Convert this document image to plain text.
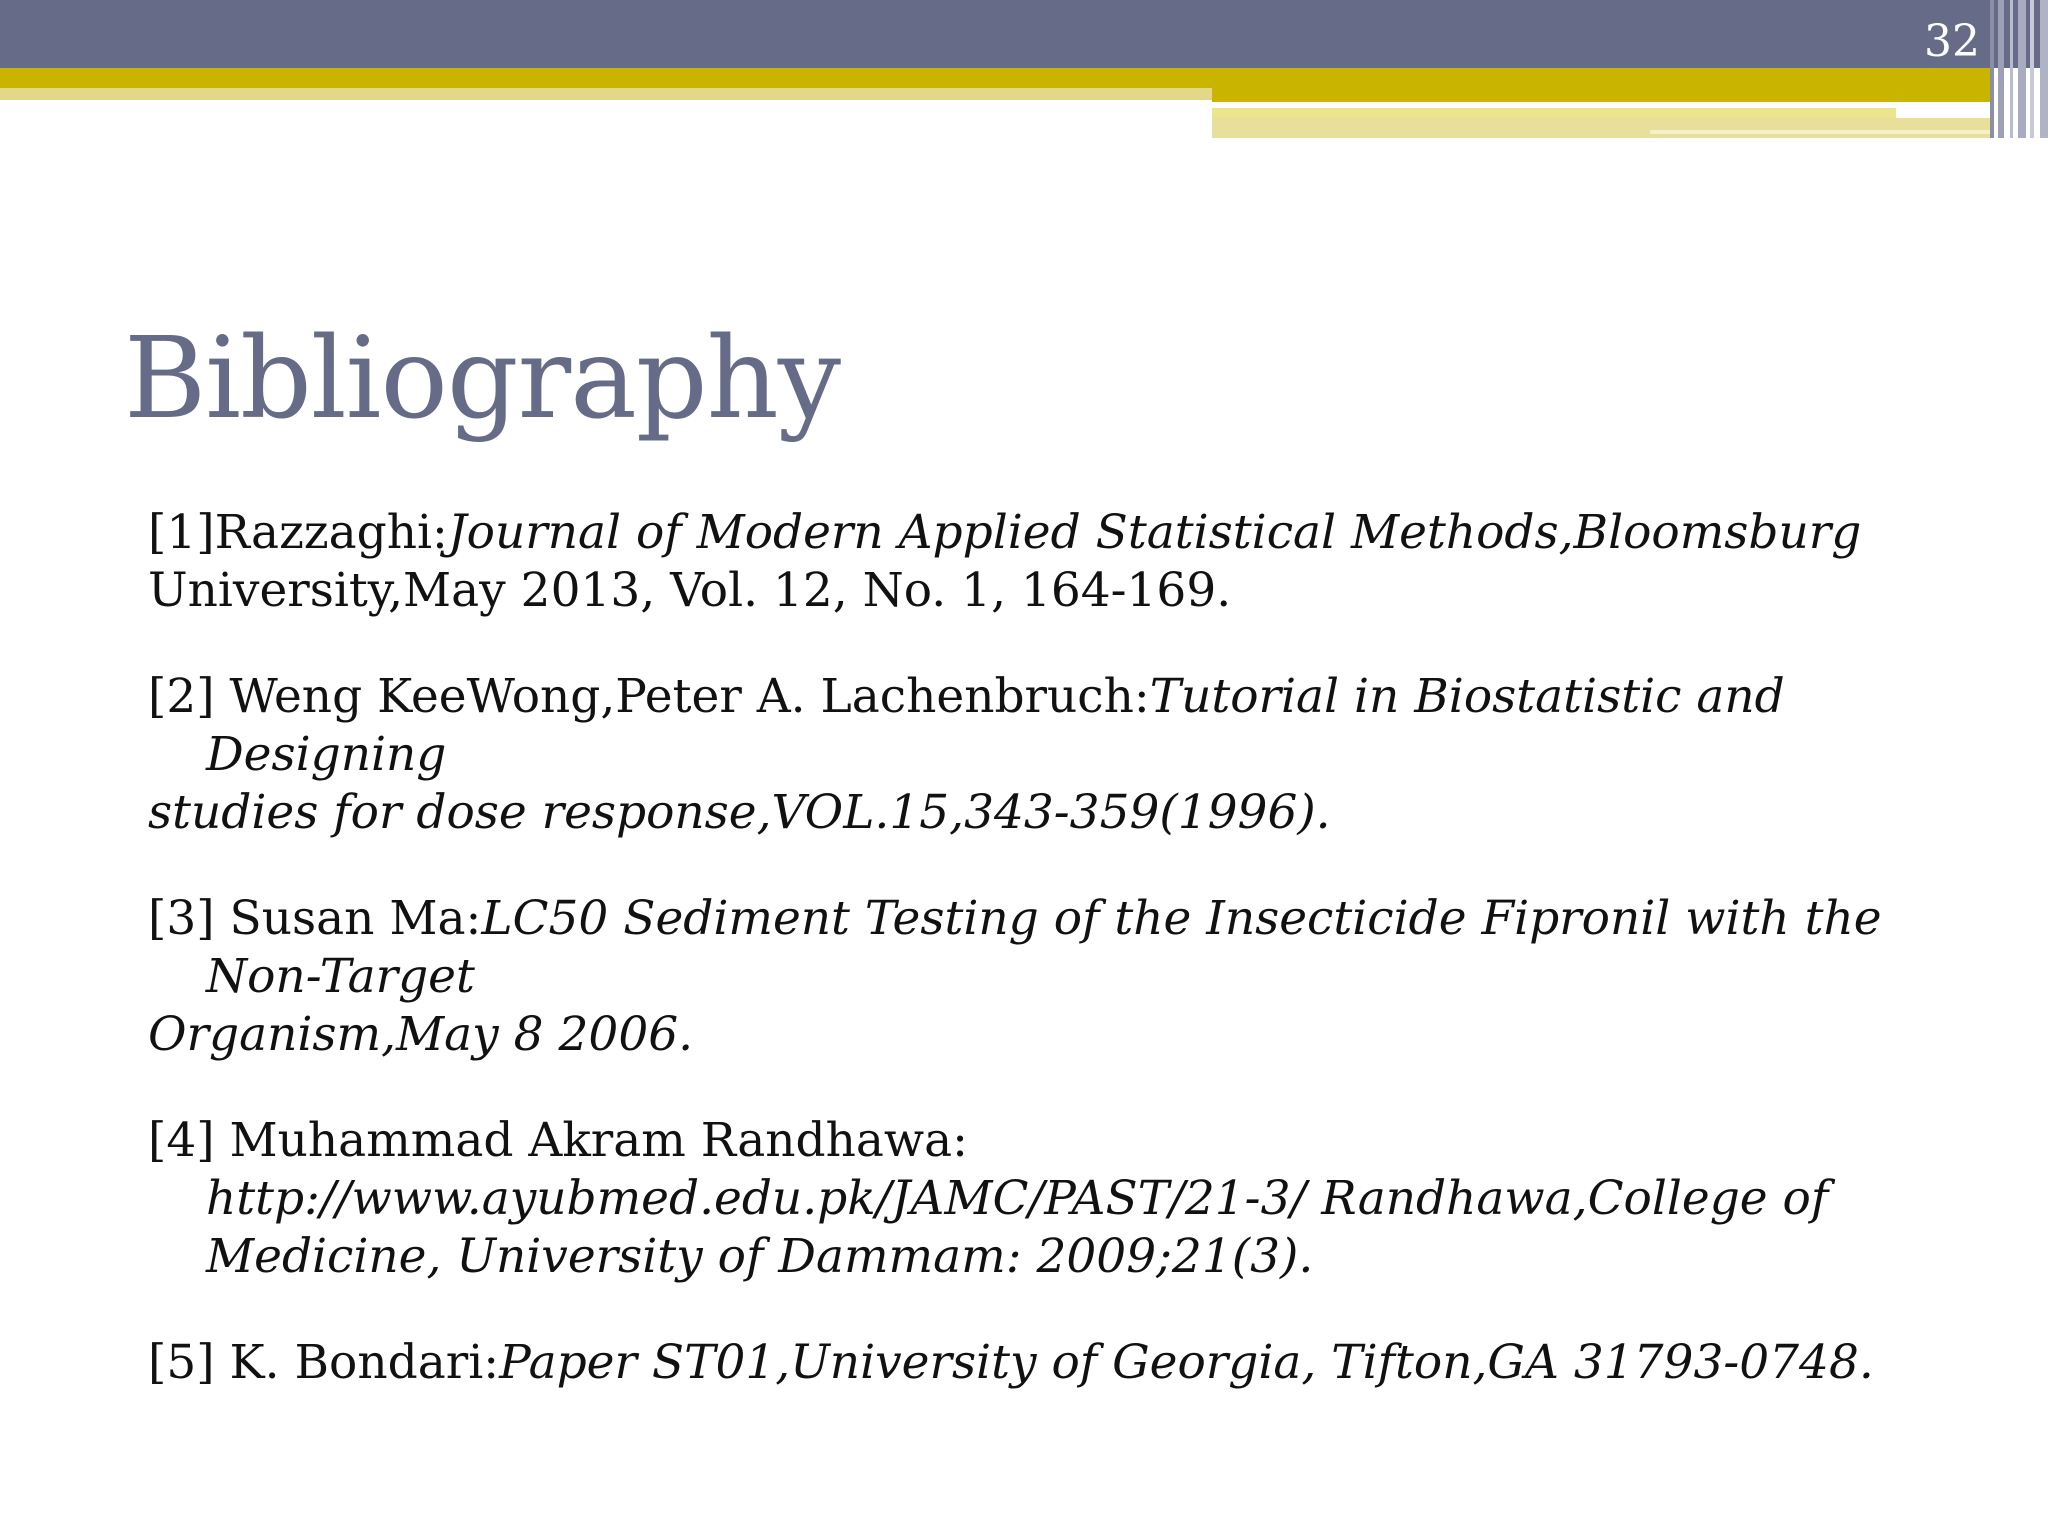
32
Bibliography
[1]Razzaghi:Journal of Modern Applied Statistical Methods,Bloomsburg
University,May 2013, Vol. 12, No. 1, 164-169.
[2] Weng KeeWong,Peter A. Lachenbruch:Tutorial in Biostatistic and Designing
studies for dose response,VOL.15,343-359(1996).
[3] Susan Ma:LC50 Sediment Testing of the Insecticide Fipronil with the Non-Target
Organism,May 8 2006.
[4] Muhammad Akram Randhawa: http://www.ayubmed.edu.pk/JAMC/PAST/21-3/ Randhawa,College of Medicine, University of Dammam: 2009;21(3).
[5] K. Bondari:Paper ST01,University of Georgia, Tifton,GA 31793-0748.
